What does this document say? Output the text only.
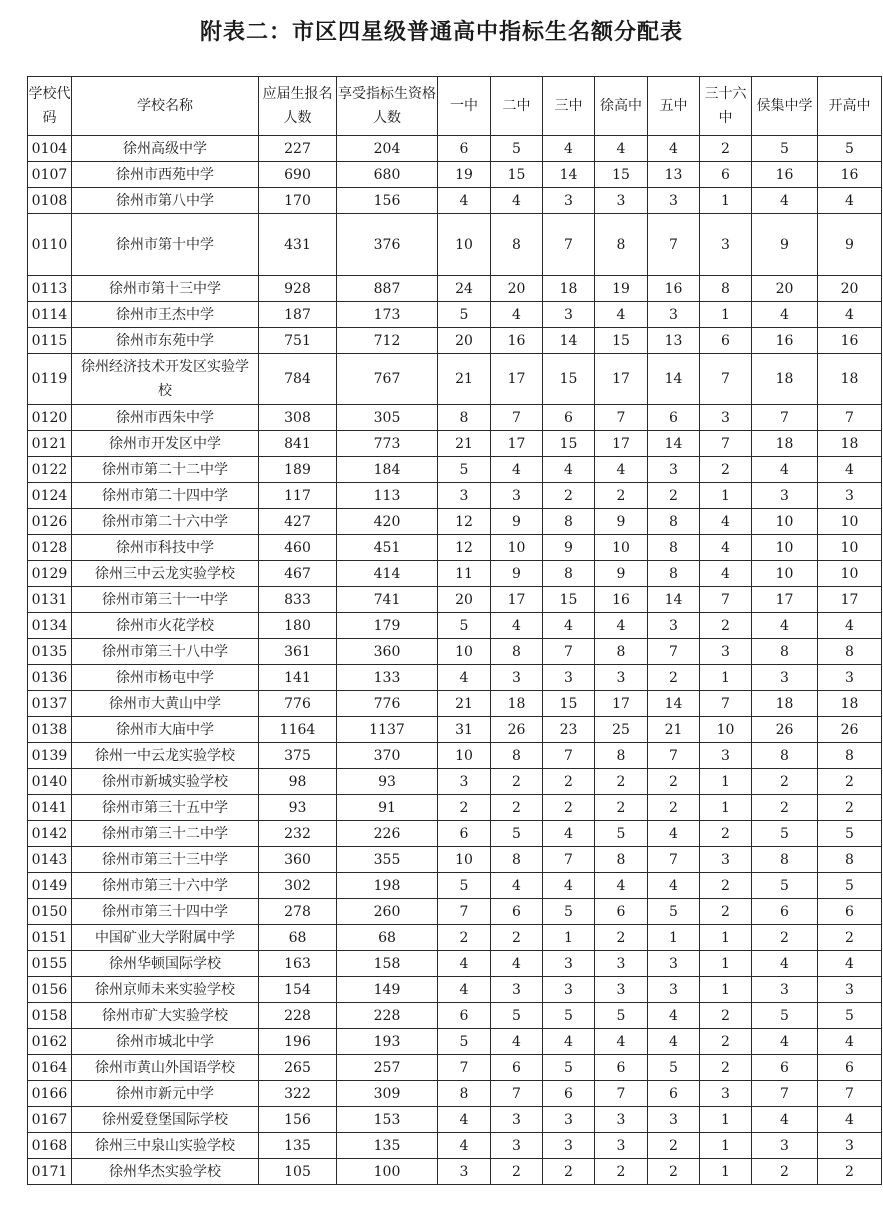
附表二：市区四星级普通高中指标生名额分配表
学校代码	学校名称	应届生报名人数	享受指标生资格人数	一中	二中	三中	徐高中	五中	三十六中	侯集中学	开高中
0104	徐州高级中学	227	204	6	5	4	4	4	2	5	5
0107	徐州市西苑中学	690	680	19	15	14	15	13	6	16	16
0108	徐州市第八中学	170	156	4	4	3	3	3	1	4	4
0110	徐州市第十中学	431	376	10	8	7	8	7	3	9	9
0113	徐州市第十三中学	928	887	24	20	18	19	16	8	20	20
0114	徐州市王杰中学	187	173	5	4	3	4	3	1	4	4
0115	徐州市东苑中学	751	712	20	16	14	15	13	6	16	16
0119	徐州经济技术开发区实验学校	784	767	21	17	15	17	14	7	18	18
0120	徐州市西朱中学	308	305	8	7	6	7	6	3	7	7
0121	徐州市开发区中学	841	773	21	17	15	17	14	7	18	18
0122	徐州市第二十二中学	189	184	5	4	4	4	3	2	4	4
0124	徐州市第二十四中学	117	113	3	3	2	2	2	1	3	3
0126	徐州市第二十六中学	427	420	12	9	8	9	8	4	10	10
0128	徐州市科技中学	460	451	12	10	9	10	8	4	10	10
0129	徐州三中云龙实验学校	467	414	11	9	8	9	8	4	10	10
0131	徐州市第三十一中学	833	741	20	17	15	16	14	7	17	17
0134	徐州市火花学校	180	179	5	4	4	4	3	2	4	4
0135	徐州市第三十八中学	361	360	10	8	7	8	7	3	8	8
0136	徐州市杨屯中学	141	133	4	3	3	3	2	1	3	3
0137	徐州市大黄山中学	776	776	21	18	15	17	14	7	18	18
0138	徐州市大庙中学	1164	1137	31	26	23	25	21	10	26	26
0139	徐州一中云龙实验学校	375	370	10	8	7	8	7	3	8	8
0140	徐州市新城实验学校	98	93	3	2	2	2	2	1	2	2
0141	徐州市第三十五中学	93	91	2	2	2	2	2	1	2	2
0142	徐州市第三十二中学	232	226	6	5	4	5	4	2	5	5
0143	徐州市第三十三中学	360	355	10	8	7	8	7	3	8	8
0149	徐州市第三十六中学	302	198	5	4	4	4	4	2	5	5
0150	徐州市第三十四中学	278	260	7	6	5	6	5	2	6	6
0151	中国矿业大学附属中学	68	68	2	2	1	2	1	1	2	2
0155	徐州华顿国际学校	163	158	4	4	3	3	3	1	4	4
0156	徐州京师未来实验学校	154	149	4	3	3	3	3	1	3	3
0158	徐州市矿大实验学校	228	228	6	5	5	5	4	2	5	5
0162	徐州市城北中学	196	193	5	4	4	4	4	2	4	4
0164	徐州市黄山外国语学校	265	257	7	6	5	6	5	2	6	6
0166	徐州市新元中学	322	309	8	7	6	7	6	3	7	7
0167	徐州爱登堡国际学校	156	153	4	3	3	3	3	1	4	4
0168	徐州三中泉山实验学校	135	135	4	3	3	3	2	1	3	3
0171	徐州华杰实验学校	105	100	3	2	2	2	2	1	2	2
